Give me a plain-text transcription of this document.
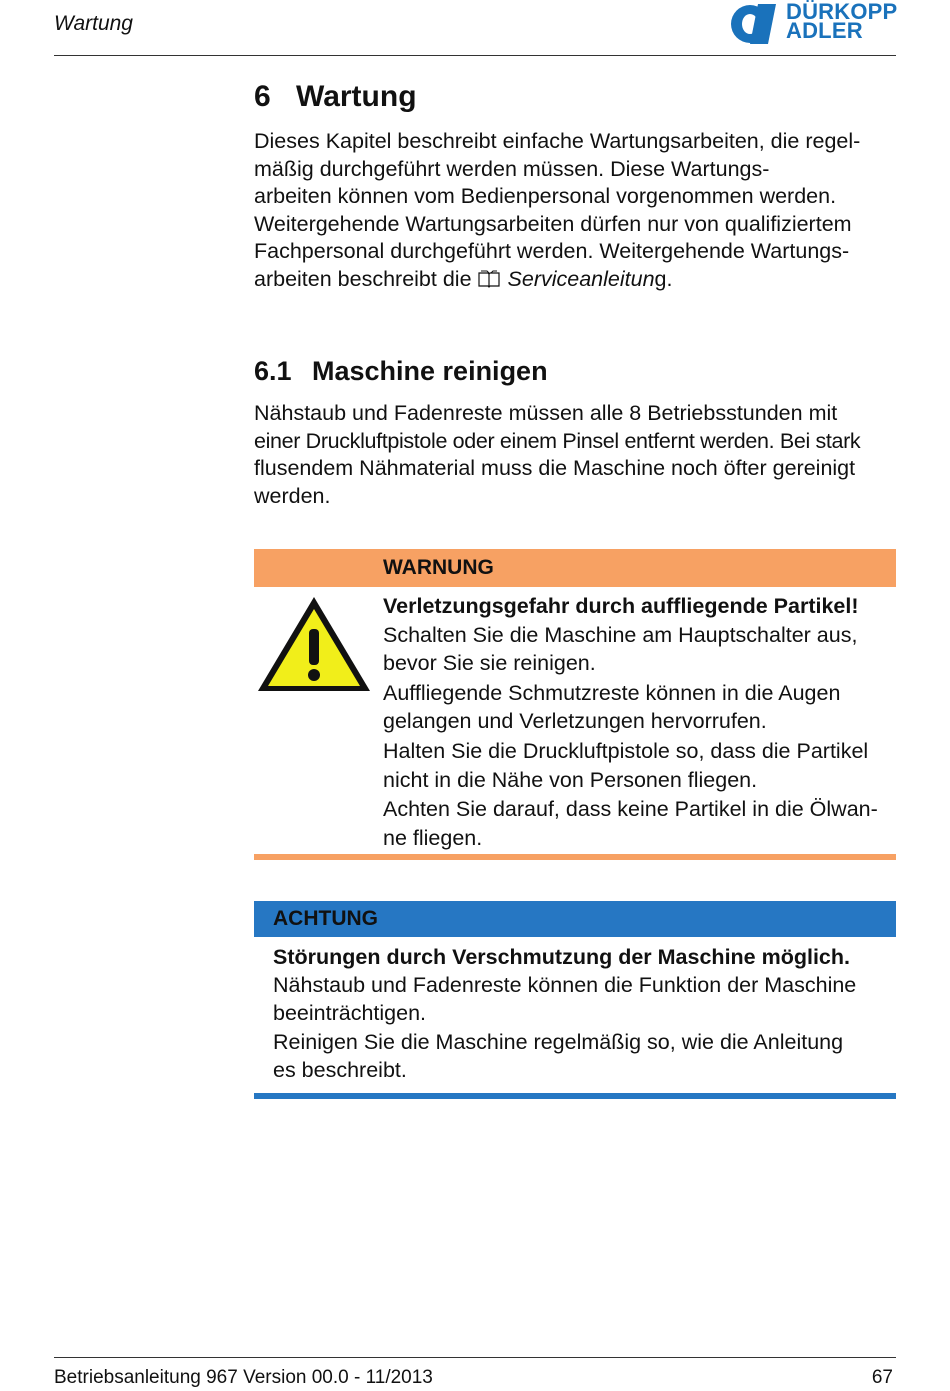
Wartung	DÜRKOPP
ADLER
6 Wartung

Dieses Kapitel beschreibt einfache Wartungsarbeiten, die regel-

mäßig durchgeführt werden müssen. Diese Wartungs-

arbeiten können vom Bedienpersonal vorgenommen werden.

Weitergehende Wartungsarbeiten dürfen nur von qualifiziertem

Fachpersonal durchgeführt werden. Weitergehende Wartungs-

arbeiten beschreibt die Serviceanleitung.

6.1 Maschine reinigen

Nähstaub und Fadenreste müssen alle 8 Betriebsstunden mit

einer Druckluftpistole oder einem Pinsel entfernt werden. Bei stark

flusendem Nähmaterial muss die Maschine noch öfter gereinigt

werden.

WARNUNG

Verletzungsgefahr durch auffliegende Partikel!

Schalten Sie die Maschine am Hauptschalter aus,

bevor Sie sie reinigen.

Auffliegende Schmutzreste können in die Augen

gelangen und Verletzungen hervorrufen.

Halten Sie die Druckluftpistole so, dass die Partikel

nicht in die Nähe von Personen fliegen.

Achten Sie darauf, dass keine Partikel in die Ölwan-

ne fliegen.

ACHTUNG

Störungen durch Verschmutzung der Maschine möglich.

Nähstaub und Fadenreste können die Funktion der Maschine

beeinträchtigen.

Reinigen Sie die Maschine regelmäßig so, wie die Anleitung

es beschreibt.

Betriebsanleitung 967 Version 00.0 - 11/2013	67
